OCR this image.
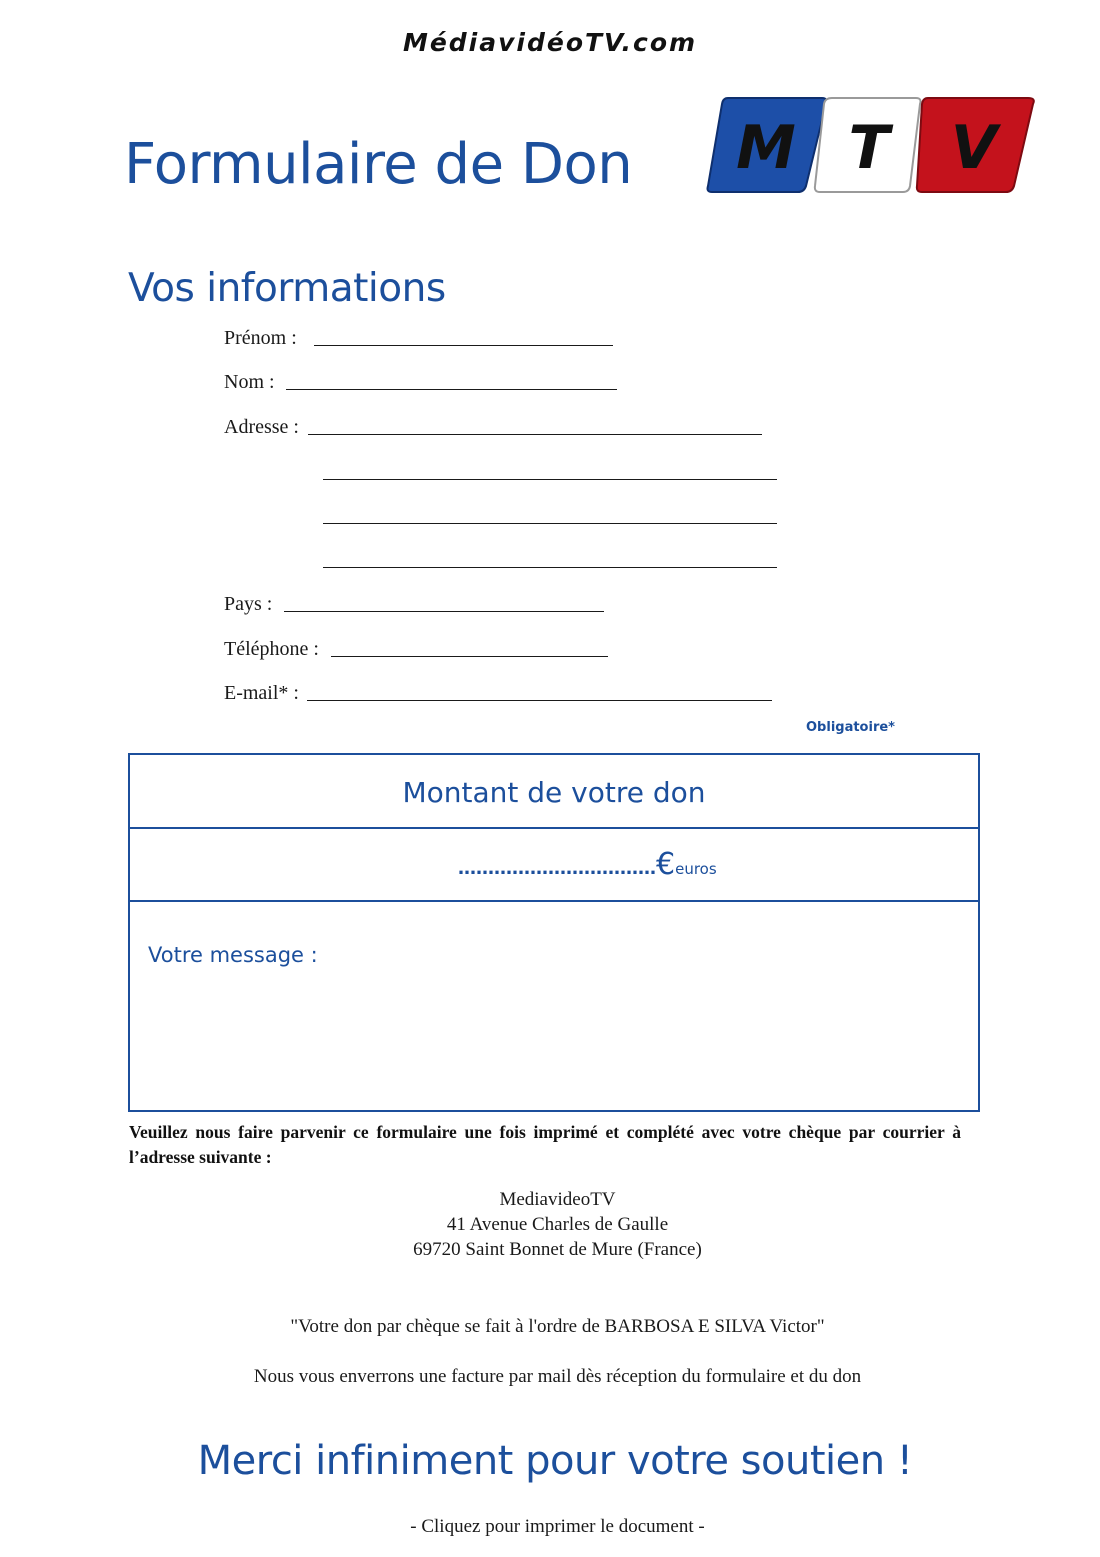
MédiavidéoTV.com
Formulaire de Don M T V
Vos informations
Prénom :
Nom :
Adresse :
Pays :
Téléphone :
E-mail* :
Obligatoire*
Montant de votre don
……………………………€euros
Votre message :
Veuillez nous faire parvenir ce formulaire une fois imprimé et complété avec votre chèque par courrier à l’adresse suivante :
MediavideoTV
41 Avenue Charles de Gaulle
69720 Saint Bonnet de Mure (France)
"Votre don par chèque se fait à l'ordre de BARBOSA E SILVA Victor"
Nous vous enverrons une facture par mail dès réception du formulaire et du don
Merci infiniment pour votre soutien !
- Cliquez pour imprimer le document -
